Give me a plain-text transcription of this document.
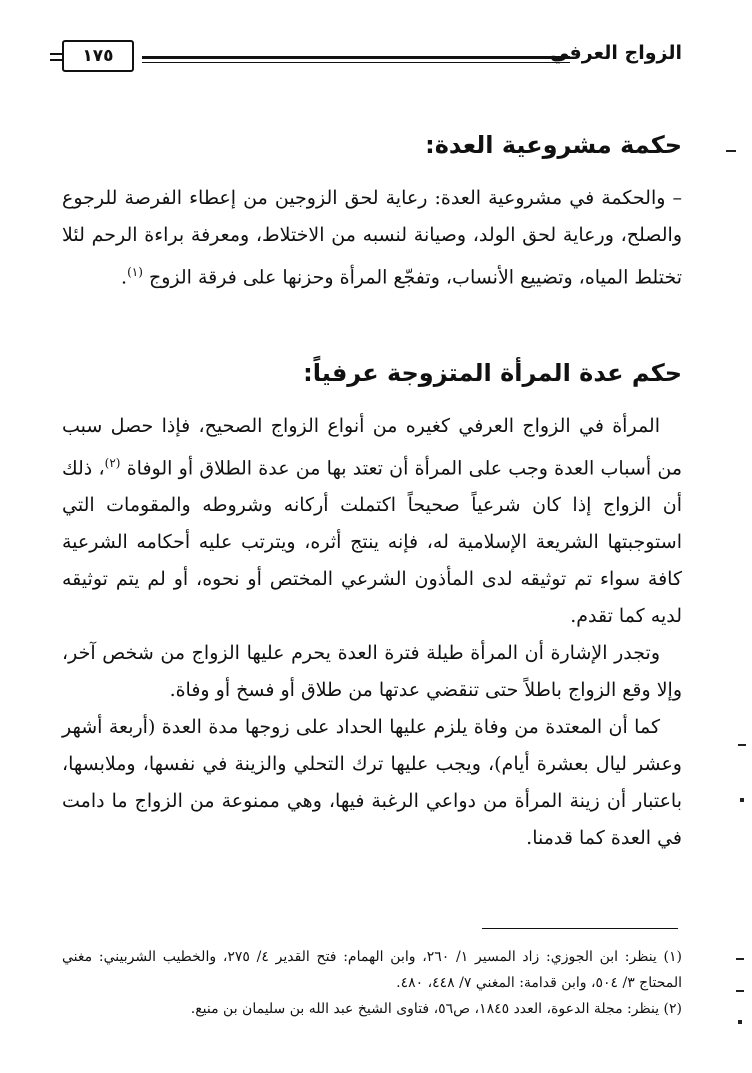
١٧٥	الزواج العرفي
حكمة مشروعية العدة:

– والحكمة في مشروعية العدة: رعاية لحق الزوجين من إعطاء الفرصة للرجوع والصلح، ورعاية لحق الولد، وصيانة لنسبه من الاختلاط، ومعرفة براءة الرحم لئلا تختلط المياه، وتضييع الأنساب، وتفجّع المرأة وحزنها على فرقة الزوج $^{(١)}$.

حكم عدة المرأة المتزوجة عرفياً:

المرأة في الزواج العرفي كغيره من أنواع الزواج الصحيح، فإذا حصل سبب من أسباب العدة وجب على المرأة أن تعتد بها من عدة الطلاق أو الوفاة $^{(٢)}$، ذلك أن الزواج إذا كان شرعياً صحيحاً اكتملت أركانه وشروطه والمقومات التي استوجبتها الشريعة الإسلامية له، فإنه ينتج أثره، ويترتب عليه أحكامه الشرعية كافة سواء تم توثيقه لدى المأذون الشرعي المختص أو نحوه، أو لم يتم توثيقه لديه كما تقدم.

وتجدر الإشارة أن المرأة طيلة فترة العدة يحرم عليها الزواج من شخص آخر، وإلا وقع الزواج باطلاً حتى تنقضي عدتها من طلاق أو فسخ أو وفاة.

كما أن المعتدة من وفاة يلزم عليها الحداد على زوجها مدة العدة (أربعة أشهر وعشر ليال بعشرة أيام)، ويجب عليها ترك التحلي والزينة في نفسها، وملابسها، باعتبار أن زينة المرأة من دواعي الرغبة فيها، وهي ممنوعة من الزواج ما دامت في العدة كما قدمنا.

(١) ينظر: ابن الجوزي: زاد المسير ١/ ٢٦٠، وابن الهمام: فتح القدير ٤/ ٢٧٥، والخطيب الشربيني: مغني المحتاج ٣/ ٥٠٤، وابن قدامة: المغني ٧/ ٤٤٨، ٤٨٠.

(٢) ينظر: مجلة الدعوة، العدد ١٨٤٥، ص٥٦، فتاوى الشيخ عبد الله بن سليمان بن منيع.
